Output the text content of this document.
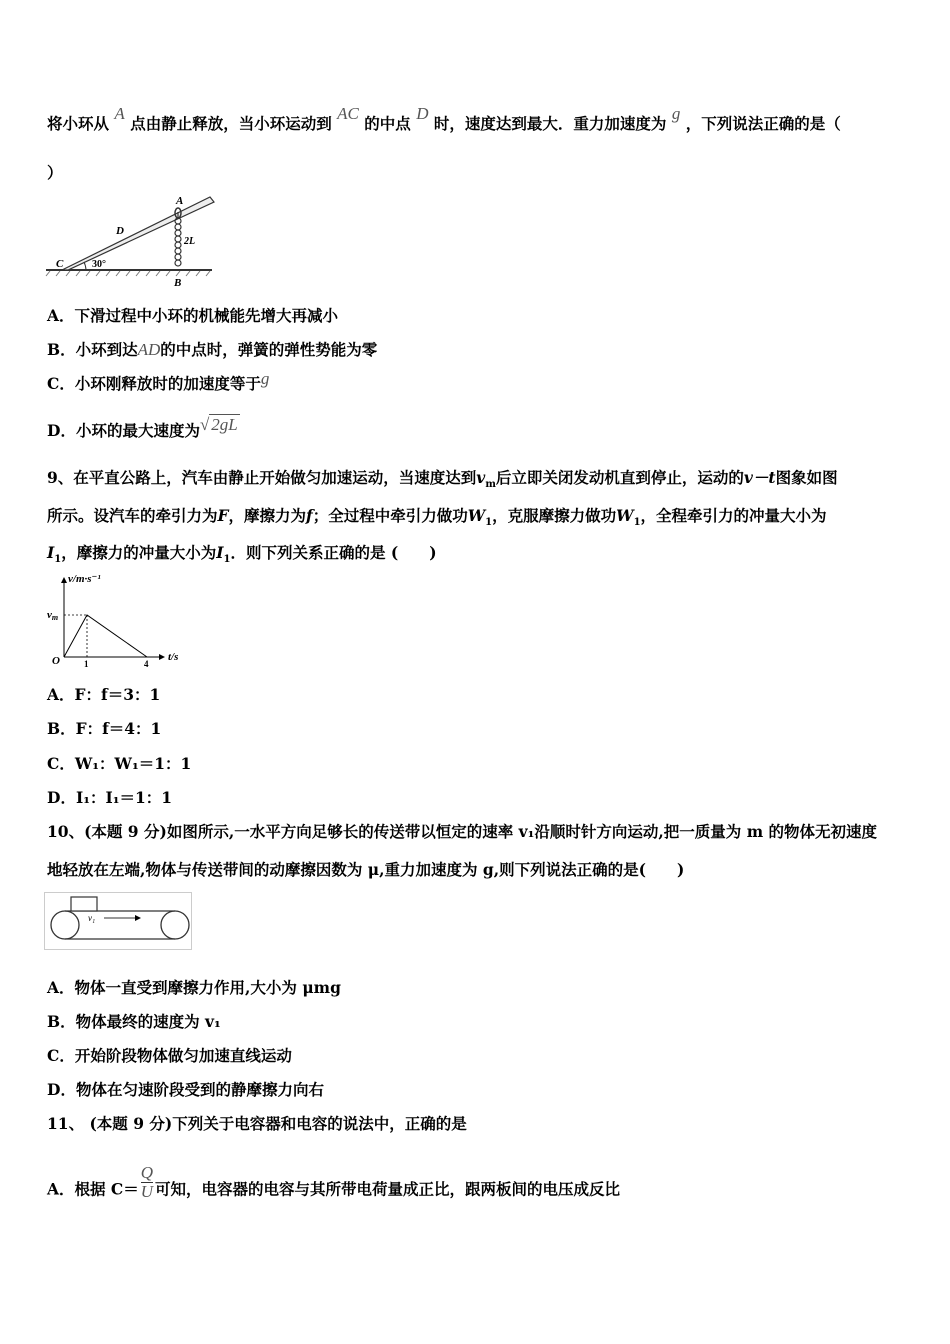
将小环从 A 点由静止释放，当小环运动到 AC 的中点 D 时，速度达到最大．重力加速度为 g ，下列说法正确的是（
）
A
D
C
B
2L
30°
A．下滑过程中小环的机械能先增大再减小
B．小环到达AD的中点时，弹簧的弹性势能为零
C．小环刚释放时的加速度等于g
D．小环的最大速度为√ 2gL
9、在平直公路上，汽车由静止开始做匀加速运动，当速度达到$v_m$后立即关闭发动机直到停止，运动的v－t图象如图
所示。设汽车的牵引力为F，摩擦力为f；全过程中牵引力做功$W_1$，克服摩擦力做功$W_1$，全程牵引力的冲量大小为
$I_1$，摩擦力的冲量大小为$I_1$．则下列关系正确的是 (　　)
v/m·s⁻¹
t/s
O
vm
1	4
A．F：f＝3：1
B．F：f＝4：1
C．W₁：W₁＝1：1
D．I₁：I₁＝1：1
10、(本题 9 分)如图所示,一水平方向足够长的传送带以恒定的速率 v₁沿顺时针方向运动,把一质量为 m 的物体无初速度
地轻放在左端,物体与传送带间的动摩擦因数为 μ,重力加速度为 g,则下列说法正确的是(　　)
v₁
A．物体一直受到摩擦力作用,大小为 μmg
B．物体最终的速度为 v₁
C．开始阶段物体做匀加速直线运动
D．物体在匀速阶段受到的静摩擦力向右
11、 (本题 9 分)下列关于电容器和电容的说法中，正确的是
A．根据 $C= \frac{Q}{U}$ 可知，电容器的电容与其所带电荷量成正比，跟两板间的电压成反比
